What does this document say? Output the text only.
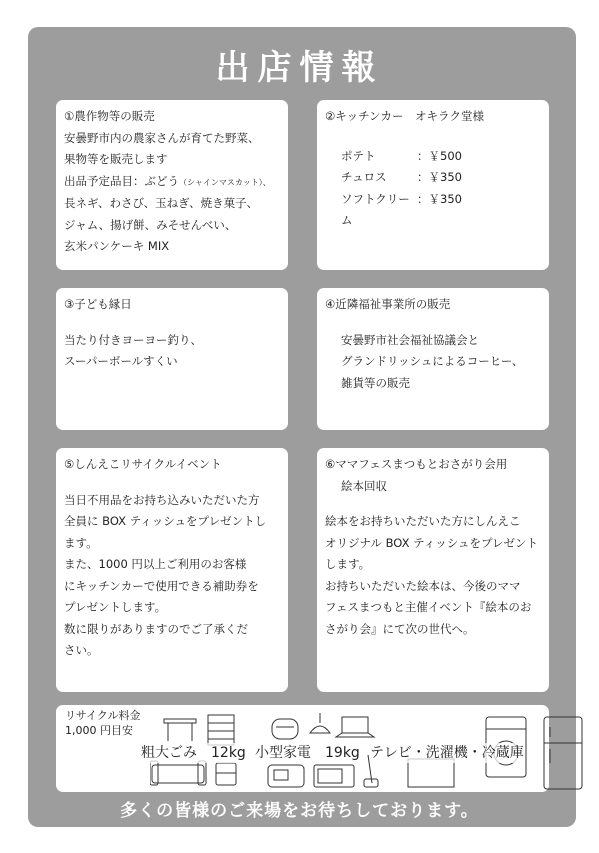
出店情報
①農作物等の販売
安曇野市内の農家さんが育てた野菜、
果物等を販売します
出品予定品目：ぶどう（シャインマスカット）、
長ネギ、わさび、玉ねぎ、焼き菓子、
ジャム、揚げ餅、みそせんべい、
玄米パンケーキ MIX
②キッチンカー　オキラク堂様
ポテト	：￥500
チュロス	：￥350
ソフトクリーム
：￥350
③子ども縁日
当たり付きヨーヨー釣り、
スーパーボールすくい
④近隣福祉事業所の販売
安曇野市社会福祉協議会と
グランドリッシュによるコーヒー、
雑貨等の販売
⑤しんえこリサイクルイベント
当日不用品をお持ち込みいただいた方
全員に BOX ティッシュをプレゼントし
ます。
また、1000 円以上ご利用のお客様
にキッチンカーで使用できる補助券を
プレゼントします。
数に限りがありますのでご了承くだ
さい。
⑥ママフェスまつもとおさがり会用
絵本回収
絵本をお持ちいただいた方にしんえこ
オリジナル BOX ティッシュをプレゼント
します。
お持ちいただいた絵本は、今後のママ
フェスまつもと主催イベント『絵本のお
さがり会』にて次の世代へ。
リサイクル料金
1,000 円目安
粗大ごみ　12kg 小型家電　19kg テレビ・洗濯機・冷蔵庫
多くの皆様のご来場をお待ちしております。
